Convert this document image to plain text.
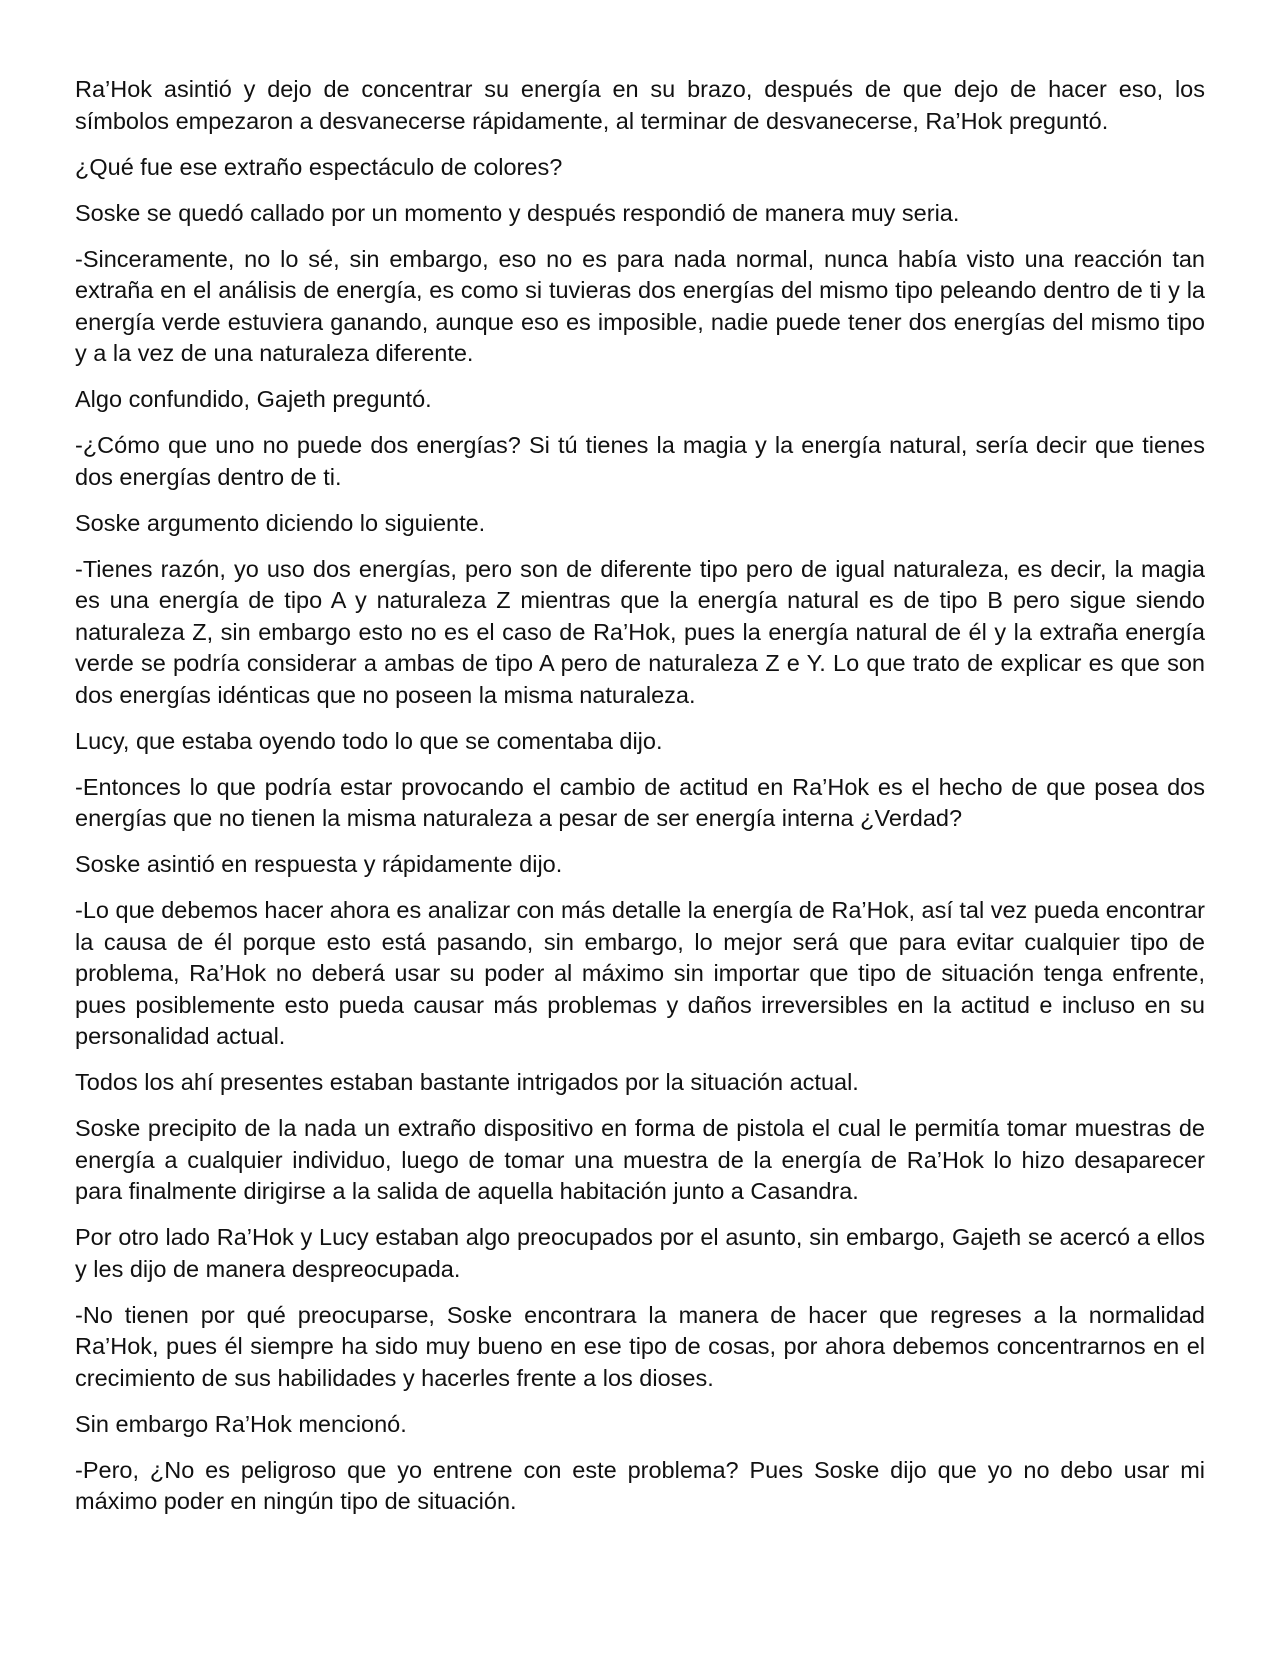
Ra’Hok asintió y dejo de concentrar su energía en su brazo, después de que dejo de hacer eso, los símbolos empezaron a desvanecerse rápidamente, al terminar de desvanecerse, Ra’Hok preguntó.

¿Qué fue ese extraño espectáculo de colores?

Soske se quedó callado por un momento y después respondió de manera muy seria.

-Sinceramente, no lo sé, sin embargo, eso no es para nada normal, nunca había visto una reacción tan extraña en el análisis de energía, es como si tuvieras dos energías del mismo tipo peleando dentro de ti y la energía verde estuviera ganando, aunque eso es imposible, nadie puede tener dos energías del mismo tipo y a la vez de una naturaleza diferente.

Algo confundido, Gajeth preguntó.

-¿Cómo que uno no puede dos energías? Si tú tienes la magia y la energía natural, sería decir que tienes dos energías dentro de ti.

Soske argumento diciendo lo siguiente.

-Tienes razón, yo uso dos energías, pero son de diferente tipo pero de igual naturaleza, es decir, la magia es una energía de tipo A y naturaleza Z mientras que la energía natural es de tipo B pero sigue siendo naturaleza Z, sin embargo esto no es el caso de Ra’Hok, pues la energía natural de él y la extraña energía verde se podría considerar a ambas de tipo A pero de naturaleza Z e Y. Lo que trato de explicar es que son dos energías idénticas que no poseen la misma naturaleza.

Lucy, que estaba oyendo todo lo que se comentaba dijo.

-Entonces lo que podría estar provocando el cambio de actitud en Ra’Hok es el hecho de que posea dos energías que no tienen la misma naturaleza a pesar de ser energía interna ¿Verdad?

Soske asintió en respuesta y rápidamente dijo.

-Lo que debemos hacer ahora es analizar con más detalle la energía de Ra’Hok, así tal vez pueda encontrar la causa de él porque esto está pasando, sin embargo, lo mejor será que para evitar cualquier tipo de problema, Ra’Hok no deberá usar su poder al máximo sin importar que tipo de situación tenga enfrente, pues posiblemente esto pueda causar más problemas y daños irreversibles en la actitud e incluso en su personalidad actual.

Todos los ahí presentes estaban bastante intrigados por la situación actual.

Soske precipito de la nada un extraño dispositivo en forma de pistola el cual le permitía tomar muestras de energía a cualquier individuo, luego de tomar una muestra de la energía de Ra’Hok lo hizo desaparecer para finalmente dirigirse a la salida de aquella habitación junto a Casandra.

Por otro lado Ra’Hok y Lucy estaban algo preocupados por el asunto, sin embargo, Gajeth se acercó a ellos y les dijo de manera despreocupada.

-No tienen por qué preocuparse, Soske encontrara la manera de hacer que regreses a la normalidad Ra’Hok, pues él siempre ha sido muy bueno en ese tipo de cosas, por ahora debemos concentrarnos en el crecimiento de sus habilidades y hacerles frente a los dioses.

Sin embargo Ra’Hok mencionó.

-Pero, ¿No es peligroso que yo entrene con este problema? Pues Soske dijo que yo no debo usar mi máximo poder en ningún tipo de situación.
